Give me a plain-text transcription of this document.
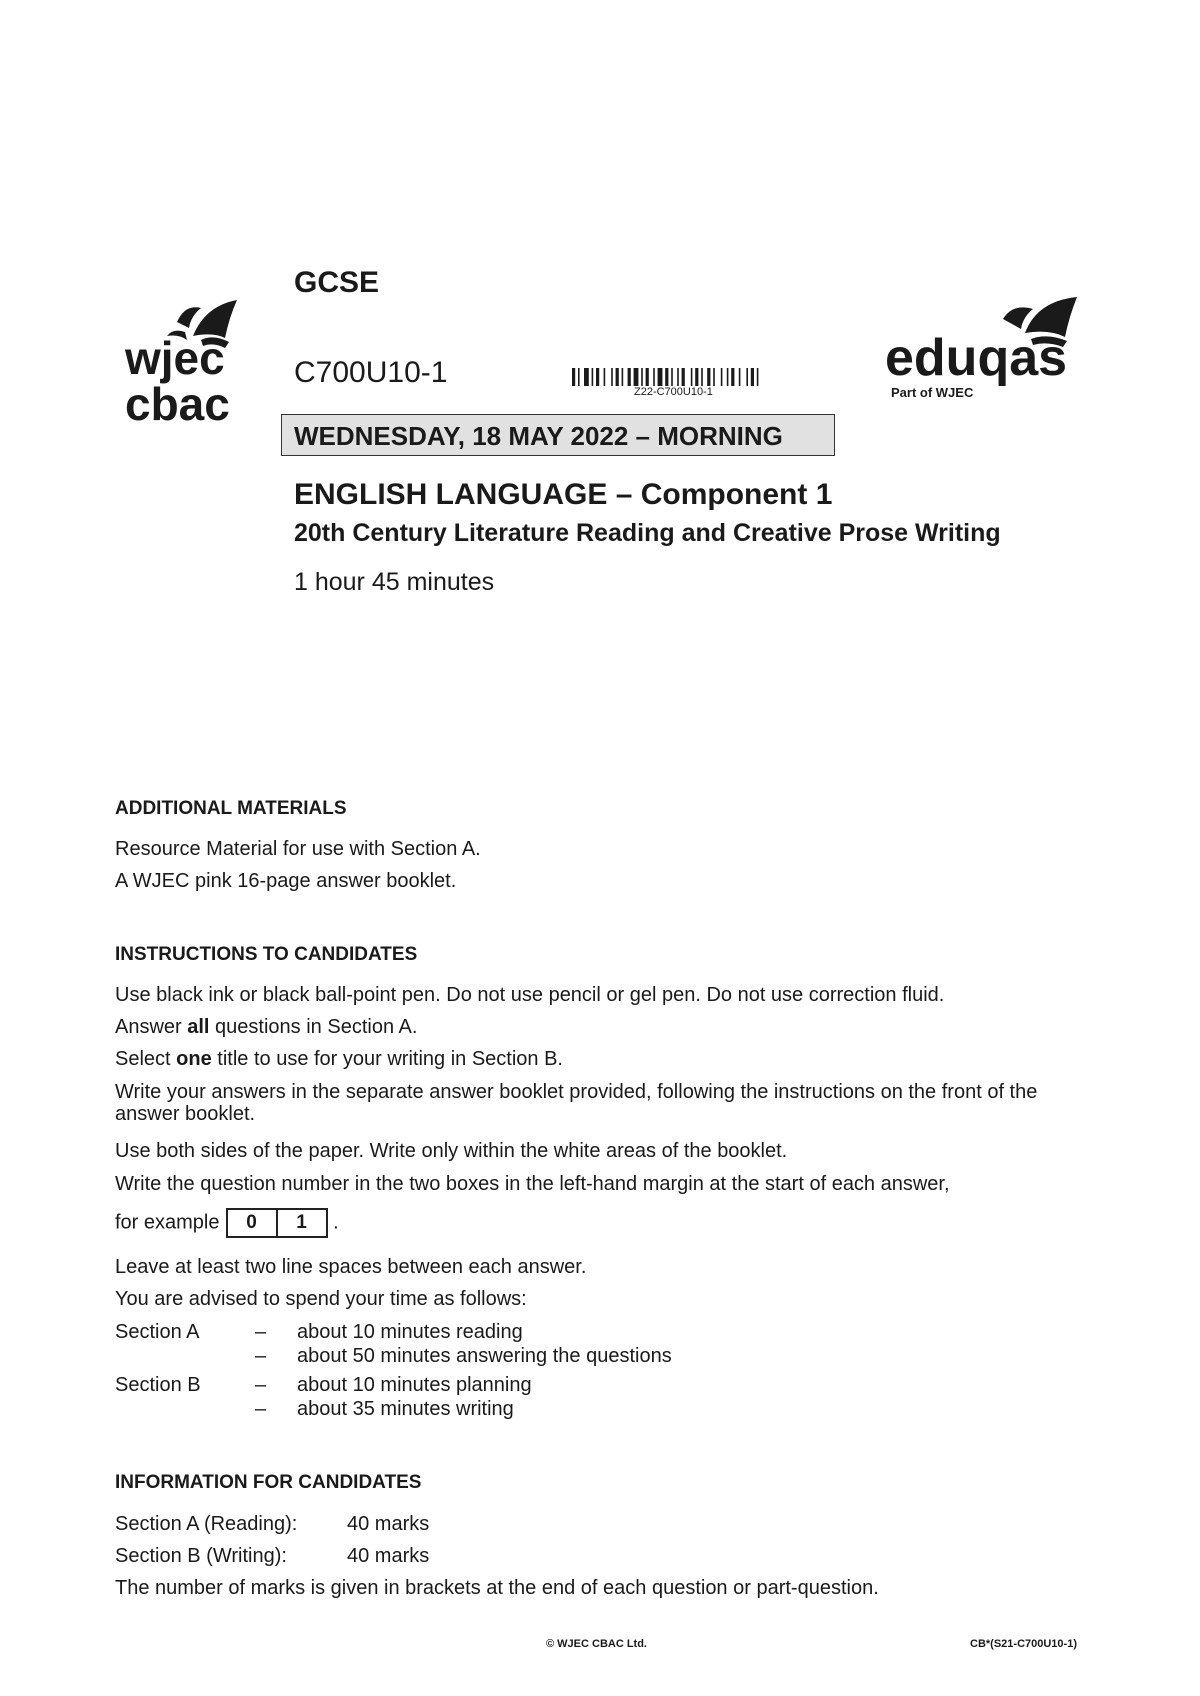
wjec
cbac
eduqas
Part of WJEC
GCSE
C700U10-1
Z22-C700U10-1
WEDNESDAY, 18 MAY 2022 – MORNING
ENGLISH LANGUAGE – Component 1
20th Century Literature Reading and Creative Prose Writing
1 hour 45 minutes
ADDITIONAL MATERIALS
Resource Material for use with Section A.
A WJEC pink 16-page answer booklet.
INSTRUCTIONS TO CANDIDATES
Use black ink or black ball-point pen. Do not use pencil or gel pen. Do not use correction fluid.
Answer all questions in Section A.
Select one title to use for your writing in Section B.
Write your answers in the separate answer booklet provided, following the instructions on the front of the answer booklet.
Use both sides of the paper. Write only within the white areas of the booklet.
Write the question number in the two boxes in the left-hand margin at the start of each answer,
for example 0 1 .
Leave at least two line spaces between each answer.
You are advised to spend your time as follows:
Section A	– about 10 minutes reading
– about 50 minutes answering the questions
Section B	– about 10 minutes planning
– about 35 minutes writing
INFORMATION FOR CANDIDATES
Section A (Reading): 40 marks
Section B (Writing):	40 marks
The number of marks is given in brackets at the end of each question or part-question.
© WJEC CBAC Ltd.	CB*(S21-C700U10-1)
